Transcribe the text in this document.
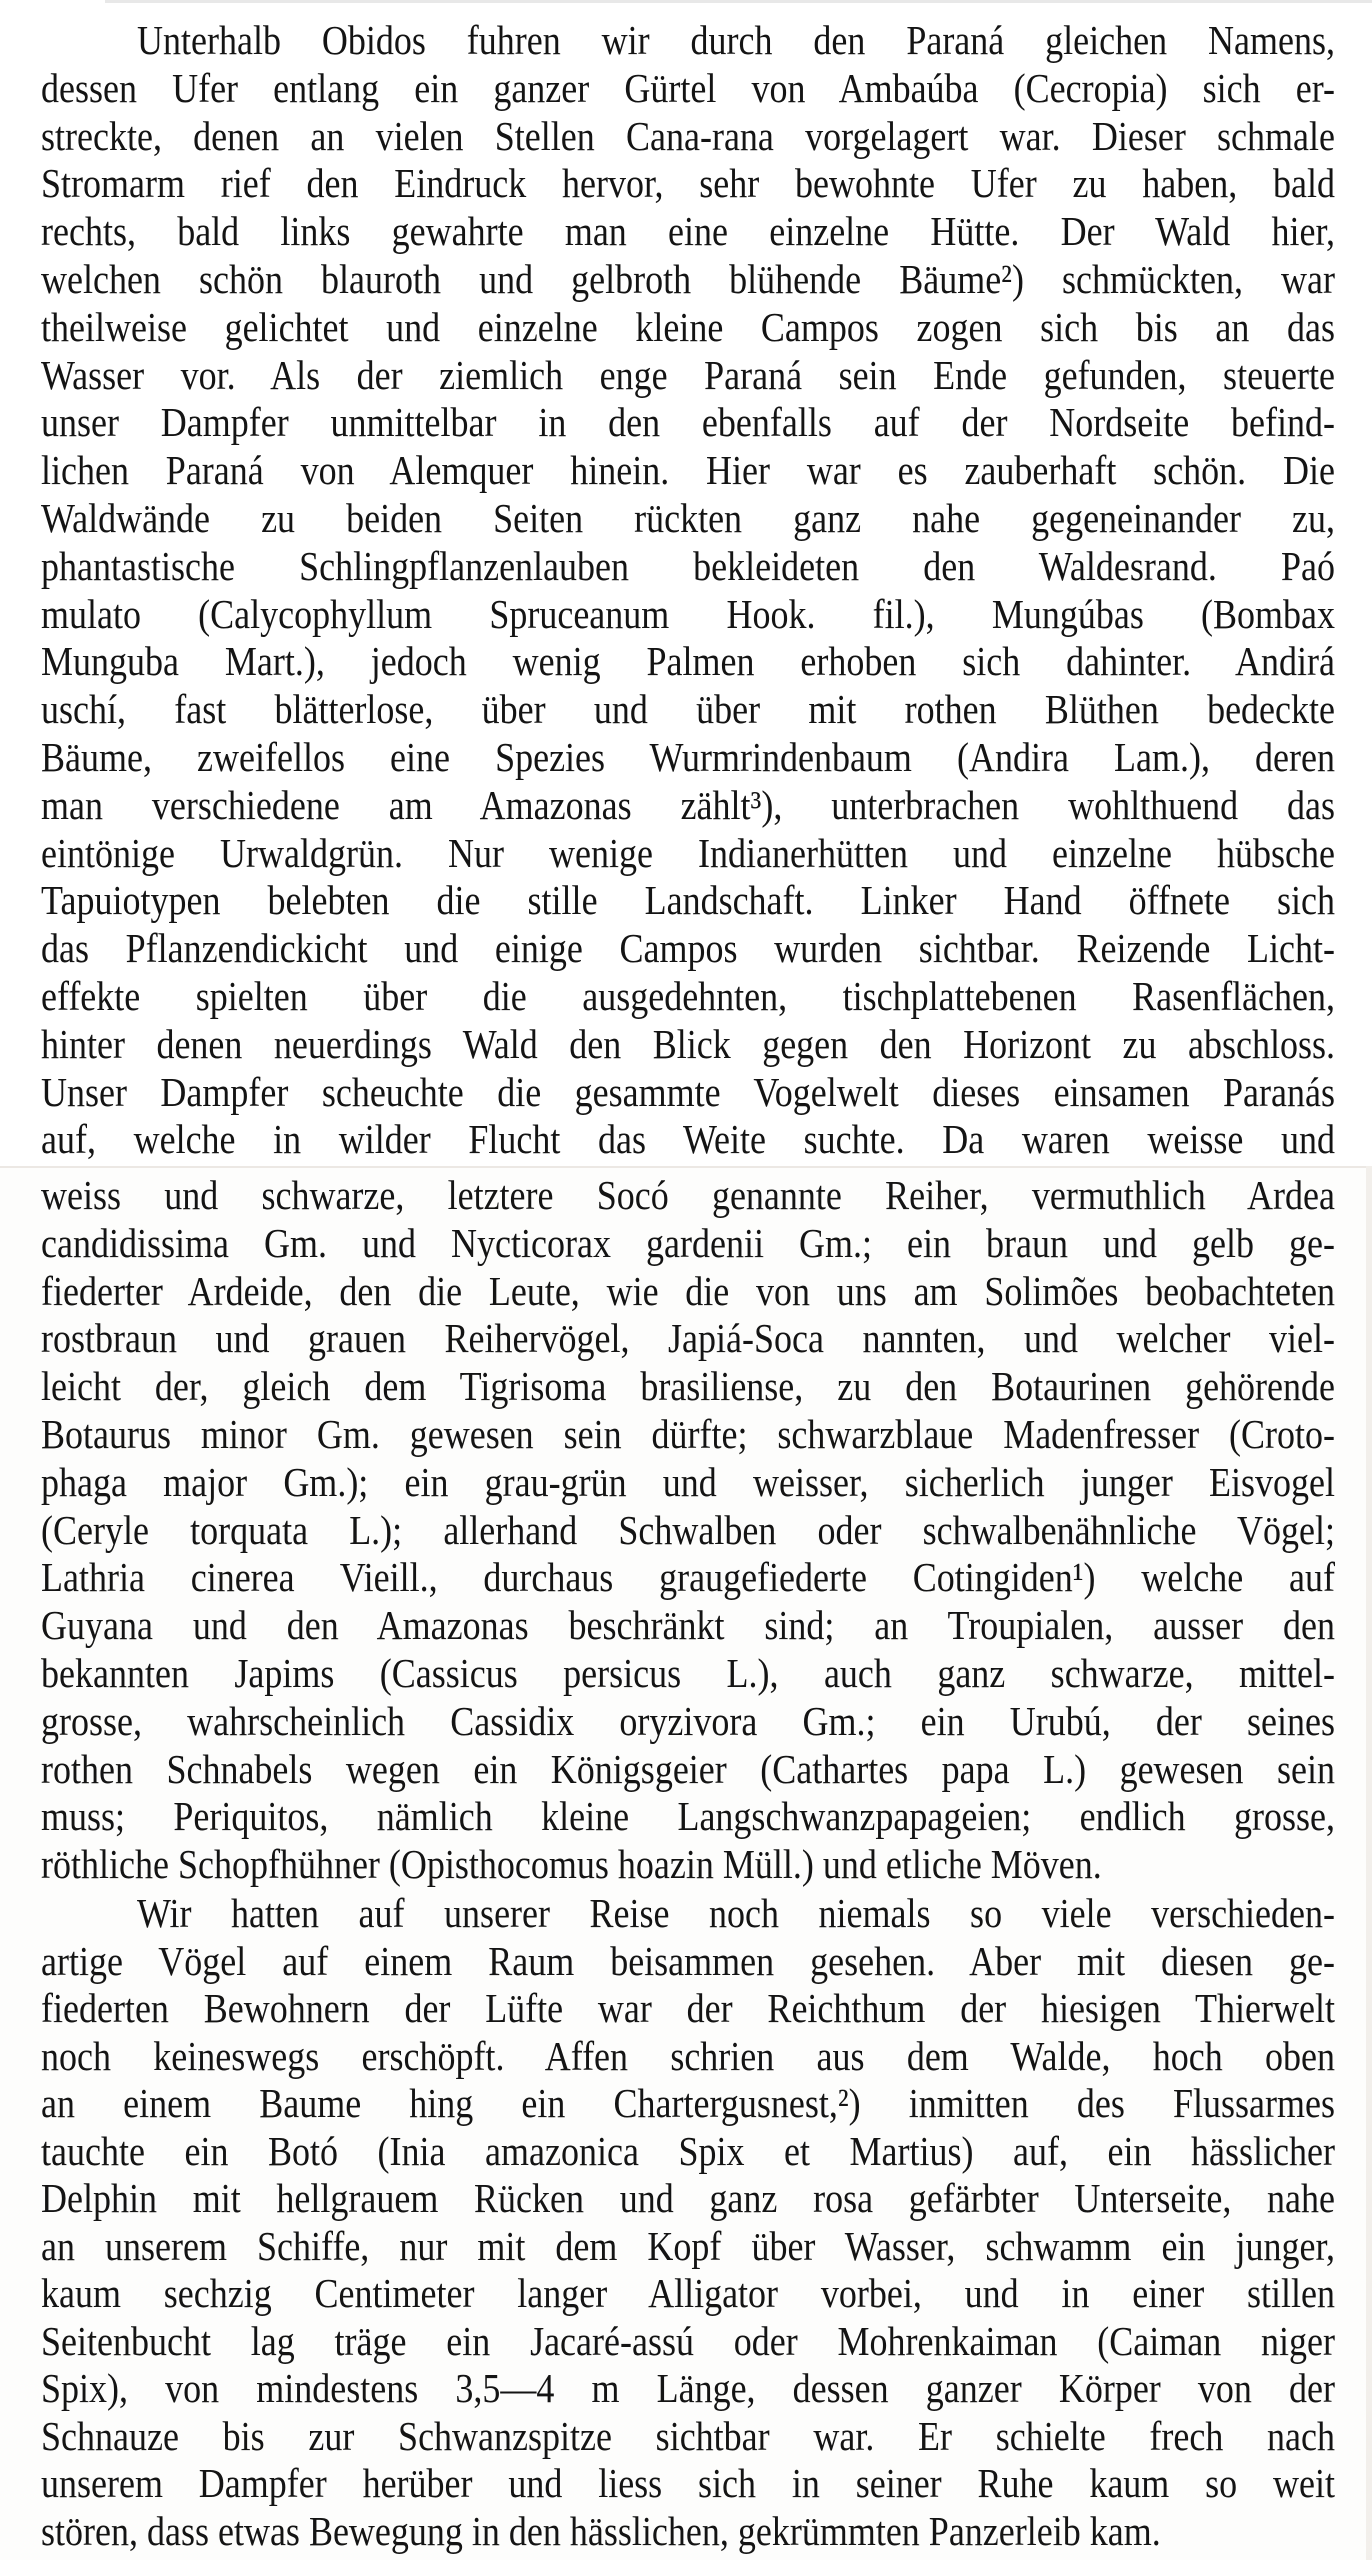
Unterhalb Obidos fuhren wir durch den Paraná gleichen Namens,
dessen Ufer entlang ein ganzer Gürtel von Ambaúba (Cecropia) sich er-
streckte, denen an vielen Stellen Cana-rana vorgelagert war. Dieser schmale
Stromarm rief den Eindruck hervor, sehr bewohnte Ufer zu haben, bald
rechts, bald links gewahrte man eine einzelne Hütte. Der Wald hier,
welchen schön blauroth und gelbroth blühende Bäume²) schmückten, war
theilweise gelichtet und einzelne kleine Campos zogen sich bis an das
Wasser vor. Als der ziemlich enge Paraná sein Ende gefunden, steuerte
unser Dampfer unmittelbar in den ebenfalls auf der Nordseite befind-
lichen Paraná von Alemquer hinein. Hier war es zauberhaft schön. Die
Waldwände zu beiden Seiten rückten ganz nahe gegeneinander zu,
phantastische Schlingpflanzenlauben bekleideten den Waldesrand. Paó
mulato (Calycophyllum Spruceanum Hook. fil.), Mungúbas (Bombax
Munguba Mart.), jedoch wenig Palmen erhoben sich dahinter. Andirá
uschí, fast blätterlose, über und über mit rothen Blüthen bedeckte
Bäume, zweifellos eine Spezies Wurmrindenbaum (Andira Lam.), deren
man verschiedene am Amazonas zählt³), unterbrachen wohlthuend das
eintönige Urwaldgrün. Nur wenige Indianerhütten und einzelne hübsche
Tapuiotypen belebten die stille Landschaft. Linker Hand öffnete sich
das Pflanzendickicht und einige Campos wurden sichtbar. Reizende Licht-
effekte spielten über die ausgedehnten, tischplattebenen Rasenflächen,
hinter denen neuerdings Wald den Blick gegen den Horizont zu abschloss.
Unser Dampfer scheuchte die gesammte Vogelwelt dieses einsamen Paranás
auf, welche in wilder Flucht das Weite suchte. Da waren weisse und
weiss und schwarze, letztere Socó genannte Reiher, vermuthlich Ardea
candidissima Gm. und Nycticorax gardenii Gm.; ein braun und gelb ge-
fiederter Ardeide, den die Leute, wie die von uns am Solimões beobachteten
rostbraun und grauen Reihervögel, Japiá-Soca nannten, und welcher viel-
leicht der, gleich dem Tigrisoma brasiliense, zu den Botaurinen gehörende
Botaurus minor Gm. gewesen sein dürfte; schwarzblaue Madenfresser (Croto-
phaga major Gm.); ein grau-grün und weisser, sicherlich junger Eisvogel
(Ceryle torquata L.); allerhand Schwalben oder schwalbenähnliche Vögel;
Lathria cinerea Vieill., durchaus graugefiederte Cotingiden¹) welche auf
Guyana und den Amazonas beschränkt sind; an Troupialen, ausser den
bekannten Japims (Cassicus persicus L.), auch ganz schwarze, mittel-
grosse, wahrscheinlich Cassidix oryzivora Gm.; ein Urubú, der seines
rothen Schnabels wegen ein Königsgeier (Cathartes papa L.) gewesen sein
muss; Periquitos, nämlich kleine Langschwanzpapageien; endlich grosse,
röthliche Schopfhühner (Opisthocomus hoazin Müll.) und etliche Möven.
Wir hatten auf unserer Reise noch niemals so viele verschieden-
artige Vögel auf einem Raum beisammen gesehen. Aber mit diesen ge-
fiederten Bewohnern der Lüfte war der Reichthum der hiesigen Thierwelt
noch keineswegs erschöpft. Affen schrien aus dem Walde, hoch oben
an einem Baume hing ein Chartergusnest,²) inmitten des Flussarmes
tauchte ein Botó (Inia amazonica Spix et Martius) auf, ein hässlicher
Delphin mit hellgrauem Rücken und ganz rosa gefärbter Unterseite, nahe
an unserem Schiffe, nur mit dem Kopf über Wasser, schwamm ein junger,
kaum sechzig Centimeter langer Alligator vorbei, und in einer stillen
Seitenbucht lag träge ein Jacaré-assú oder Mohrenkaiman (Caiman niger
Spix), von mindestens 3,5—4 m Länge, dessen ganzer Körper von der
Schnauze bis zur Schwanzspitze sichtbar war. Er schielte frech nach
unserem Dampfer herüber und liess sich in seiner Ruhe kaum so weit
stören, dass etwas Bewegung in den hässlichen, gekrümmten Panzerleib kam.
